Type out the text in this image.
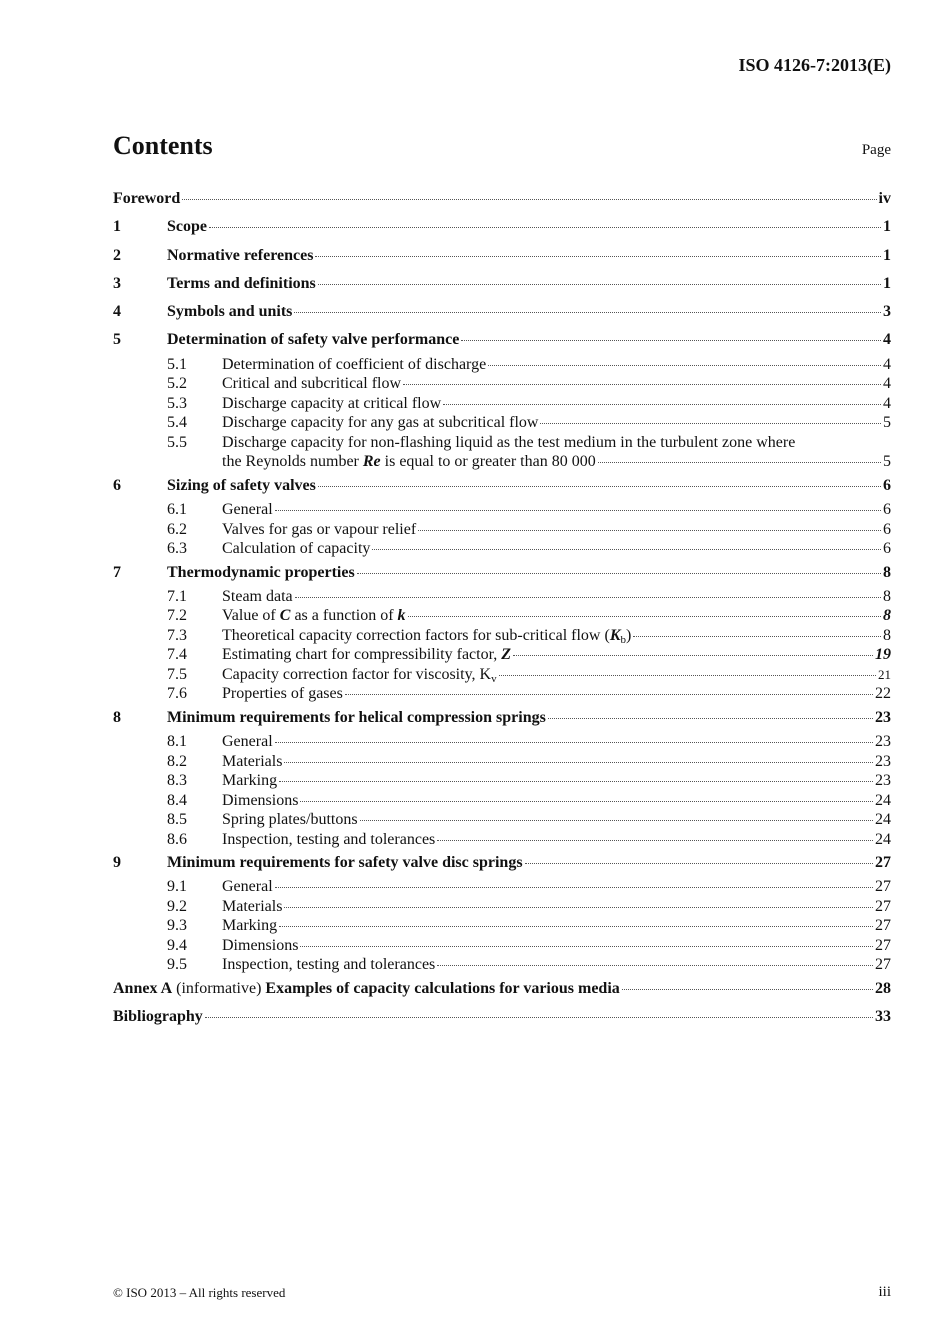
ISO 4126-7:2013(E)
Contents	Page
Foreword	iv
1	Scope	1
2	Normative references	1
3	Terms and definitions	1
4	Symbols and units	3
5	Determination of safety valve performance	4
5.1	Determination of coefficient of discharge	4
5.2	Critical and subcritical flow	4
5.3	Discharge capacity at critical flow	4
5.4	Discharge capacity for any gas at subcritical flow	5
5.5	Discharge capacity for non-flashing liquid as the test medium in the turbulent zone where
the Reynolds number Re is equal to or greater than 80 000	5
6	Sizing of safety valves	6
6.1	General	6
6.2	Valves for gas or vapour relief	6
6.3	Calculation of capacity	6
7	Thermodynamic properties	8
7.1	Steam data	8
7.2	Value of C as a function of k	8
7.3	Theoretical capacity correction factors for sub-critical flow $(K_b)$	8
7.4	Estimating chart for compressibility factor, Z	19
7.5	Capacity correction factor for viscosity, $K_v$	21
7.6	Properties of gases	22
8	Minimum requirements for helical compression springs	23
8.1	General	23
8.2	Materials	23
8.3	Marking	23
8.4	Dimensions	24
8.5	Spring plates/buttons	24
8.6	Inspection, testing and tolerances	24
9	Minimum requirements for safety valve disc springs	27
9.1	General	27
9.2	Materials	27
9.3	Marking	27
9.4	Dimensions	27
9.5	Inspection, testing and tolerances	27
Annex A (informative) Examples of capacity calculations for various media	28
Bibliography	33
© ISO 2013 – All rights reserved	iii
